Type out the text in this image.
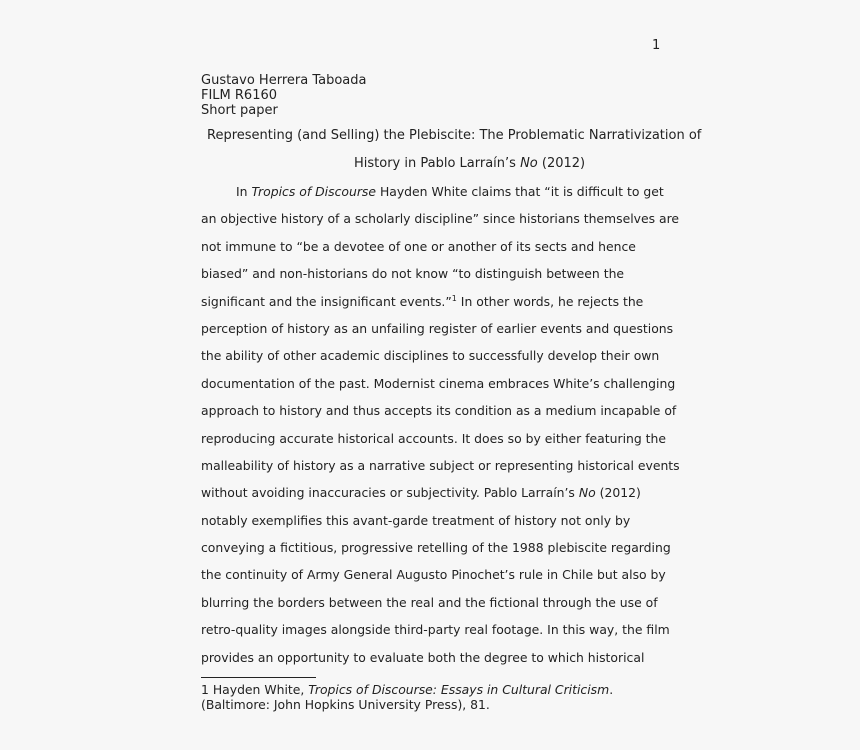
1
Gustavo Herrera Taboada
FILM R6160
Short paper
Representing (and Selling) the Plebiscite: The Problematic Narrativization of
History in Pablo Larraín’s No (2012)
In Tropics of Discourse Hayden White claims that “it is difficult to get
an objective history of a scholarly discipline” since historians themselves are
not immune to “be a devotee of one or another of its sects and hence
biased” and non-historians do not know “to distinguish between the
significant and the insignificant events.”$^1$ In other words, he rejects the
perception of history as an unfailing register of earlier events and questions
the ability of other academic disciplines to successfully develop their own
documentation of the past. Modernist cinema embraces White’s challenging
approach to history and thus accepts its condition as a medium incapable of
reproducing accurate historical accounts. It does so by either featuring the
malleability of history as a narrative subject or representing historical events
without avoiding inaccuracies or subjectivity. Pablo Larraín’s No (2012)
notably exemplifies this avant-garde treatment of history not only by
conveying a fictitious, progressive retelling of the 1988 plebiscite regarding
the continuity of Army General Augusto Pinochet’s rule in Chile but also by
blurring the borders between the real and the fictional through the use of
retro-quality images alongside third-party real footage. In this way, the film
provides an opportunity to evaluate both the degree to which historical
1 Hayden White, Tropics of Discourse: Essays in Cultural Criticism.
(Baltimore: John Hopkins University Press), 81.
